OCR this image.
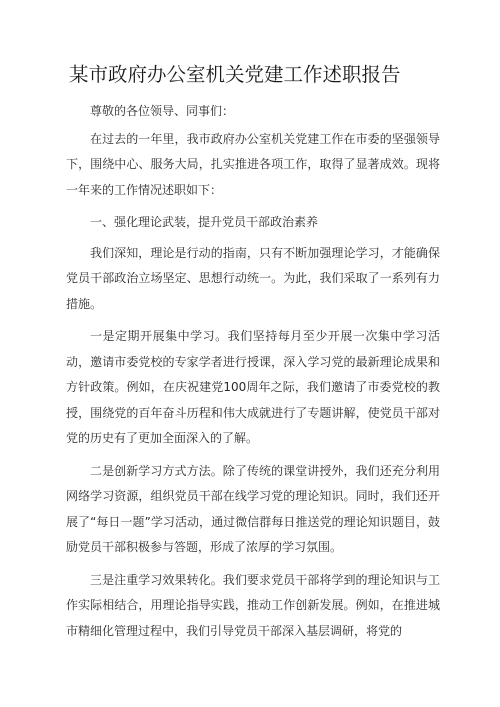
某市政府办公室机关党建工作述职报告

尊敬的各位领导、同事们：

在过去的一年里，我市政府办公室机关党建工作在市委的坚强领导下，围绕中心、服务大局，扎实推进各项工作，取得了显著成效。现将一年来的工作情况述职如下：

一、强化理论武装，提升党员干部政治素养

我们深知，理论是行动的指南，只有不断加强理论学习，才能确保党员干部政治立场坚定、思想行动统一。为此，我们采取了一系列有力措施。

一是定期开展集中学习。我们坚持每月至少开展一次集中学习活动，邀请市委党校的专家学者进行授课，深入学习党的最新理论成果和方针政策。例如，在庆祝建党100周年之际，我们邀请了市委党校的教授，围绕党的百年奋斗历程和伟大成就进行了专题讲解，使党员干部对党的历史有了更加全面深入的了解。

二是创新学习方式方法。除了传统的课堂讲授外，我们还充分利用网络学习资源，组织党员干部在线学习党的理论知识。同时，我们还开展了“每日一题”学习活动，通过微信群每日推送党的理论知识题目，鼓励党员干部积极参与答题，形成了浓厚的学习氛围。

三是注重学习效果转化。我们要求党员干部将学到的理论知识与工作实际相结合，用理论指导实践，推动工作创新发展。例如，在推进城市精细化管理过程中，我们引导党员干部深入基层调研，将党的
